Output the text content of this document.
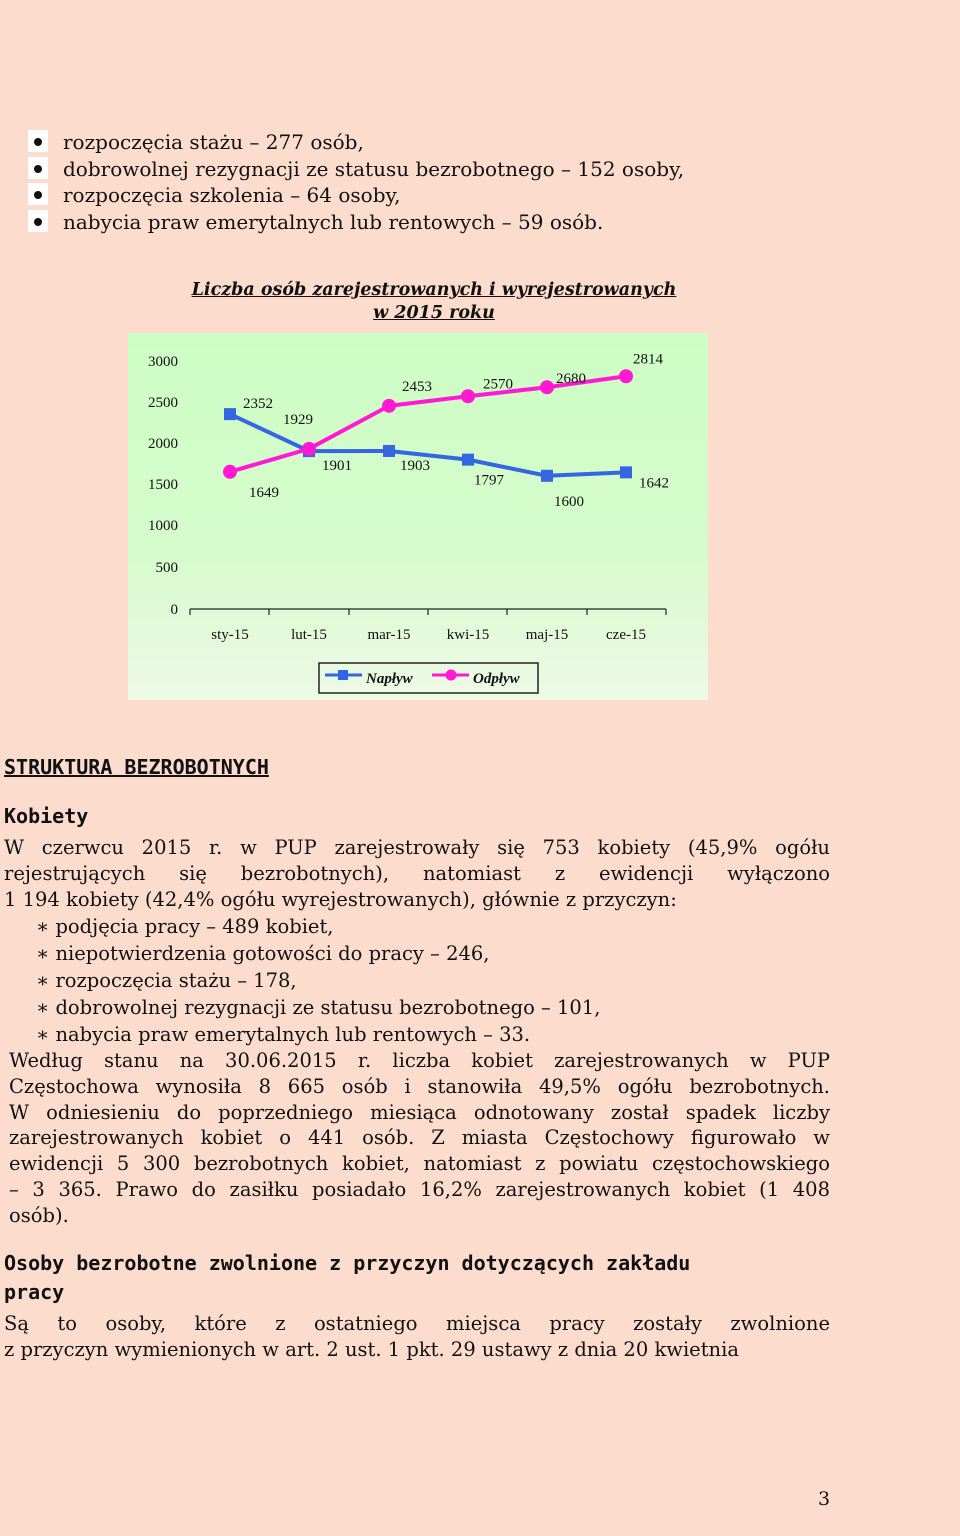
rozpoczęcia stażu – 277 osób,
dobrowolnej rezygnacji ze statusu bezrobotnego – 152 osoby,
rozpoczęcia szkolenia – 64 osoby,
nabycia praw emerytalnych lub rentowych – 59 osób.
Liczba osób zarejestrowanych i wyrejestrowanych
w 2015 roku
3000
2500
2000
1500
1000
500
0
sty-15	lut-15	mar-15 kwi-15 maj-15	cze-15
2352
1901	1903
1797
1600
1642
1649
1929
2453	2570	2680
2814
Napływ	Odpływ
STRUKTURA BEZROBOTNYCH
Kobiety
W czerwcu 2015 r. w PUP zarejestrowały się 753 kobiety (45,9% ogółu
rejestrujących się bezrobotnych), natomiast z ewidencji wyłączono
1 194 kobiety (42,4% ogółu wyrejestrowanych), głównie z przyczyn:
∗ podjęcia pracy – 489 kobiet,
∗ niepotwierdzenia gotowości do pracy – 246,
∗ rozpoczęcia stażu – 178,
∗ dobrowolnej rezygnacji ze statusu bezrobotnego – 101,
∗ nabycia praw emerytalnych lub rentowych – 33.
Według stanu na 30.06.2015 r. liczba kobiet zarejestrowanych w PUP
Częstochowa wynosiła 8 665 osób i stanowiła 49,5% ogółu bezrobotnych.
W odniesieniu do poprzedniego miesiąca odnotowany został spadek liczby
zarejestrowanych kobiet o 441 osób. Z miasta Częstochowy figurowało w
ewidencji 5 300 bezrobotnych kobiet, natomiast z powiatu częstochowskiego
– 3 365. Prawo do zasiłku posiadało 16,2% zarejestrowanych kobiet (1 408
osób).
Osoby bezrobotne zwolnione z przyczyn dotyczących zakładu
pracy
Są to osoby, które z ostatniego miejsca pracy zostały zwolnione
z przyczyn wymienionych w art. 2 ust. 1 pkt. 29 ustawy z dnia 20 kwietnia
3
